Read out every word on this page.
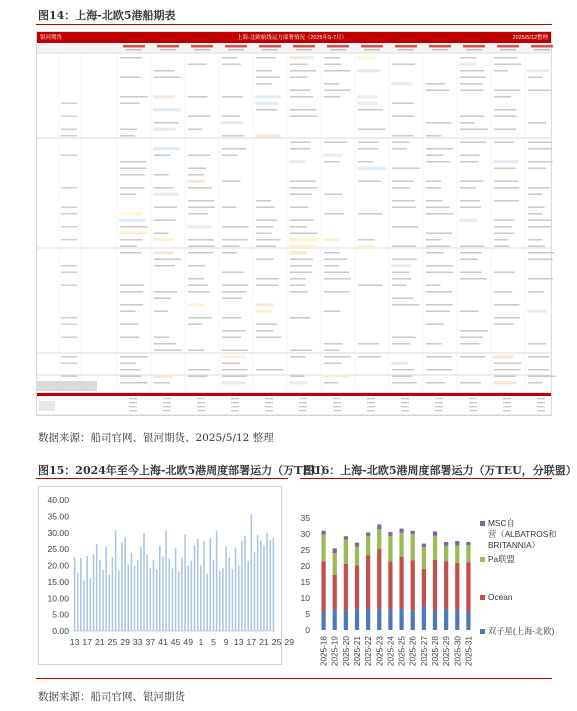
图14：上海-北欧5港船期表
银河期货	上海-北欧航线运力部署情况（2025年5-7月）	2025/5/12整理
数据来源：船司官网、银河期货、2025/5/12 整理
图15：2024年至今上海-北欧5港周度部署运力（万TEU）
图16：上海-北欧5港周度部署运力（万TEU，分联盟）
0.00
5.00
10.00
15.00
20.00
25.00
30.00
35.00
40.00
13 17 21 25 29 33 37 41 45 49 1 5 9 13 17 21 25 29
0
5
10
15
20
25
30
35
2025-18 2025-19 2025-20 2025-21 2025-22 2025-23 2025-24 2025-25 2025-26 2025-27 2025-28 2025-29 2025-30 2025-31
MSC自营（ALBATROS和 BRITANNIA）
Pa联盟
Ocean
双子星(上海-北欧)
数据来源：船司官网、银河期货
